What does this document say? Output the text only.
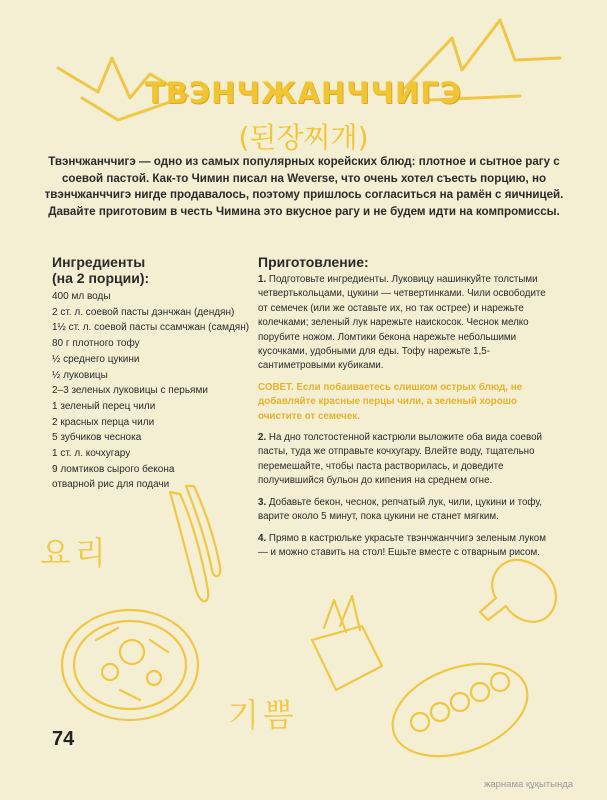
ТВЭНЧЖАНЧЧИГЭ
(된장찌개)

Твэнчжанччигэ — одно из самых популярных корейских блюд: плотное и сытное рагу с соевой пастой. Как-то Чимин писал на Weverse, что очень хотел съесть порцию, но твэнчжанччигэ нигде продавалось, поэтому пришлось согласиться на рамён с яичницей.

Давайте приготовим в честь Чимина это вкусное рагу и не будем идти на компромиссы.

Ингредиенты
(на 2 порции):
400 мл воды
2 ст. л. соевой пасты дэнчжан (дендян)
1½ ст. л. соевой пасты ссамчжан (самдян)
80 г плотного тофу
½ среднего цукини
½ луковицы
2–3 зеленых луковицы с перьями
1 зеленый перец чили
2 красных перца чили
5 зубчиков чеснока
1 ст. л. кочхугару
9 ломтиков сырого бекона
отварной рис для подачи
Приготовление:

1. Подготовьте ингредиенты. Луковицу нашинкуйте толстыми четвертькольцами, цукини — четвертинками. Чили освободите от семечек (или же оставьте их, но так острее) и нарежьте колечками; зеленый лук нарежьте наискосок. Чеснок мелко порубите ножом. Ломтики бекона нарежьте небольшими кусочками, удобными для еды. Тофу нарежьте 1,5-сантиметровыми кубиками.

СОВЕТ. Если побаиваетесь слишком острых блюд, не добавляйте красные перцы чили, а зеленый хорошо очистите от семечек.

2. На дно толстостенной кастрюли выложите оба вида соевой пасты, туда же отправьте кочхугару. Влейте воду, тщательно перемешайте, чтобы паста растворилась, и доведите получившийся бульон до кипения на среднем огне.

3. Добавьте бекон, чеснок, репчатый лук, чили, цукини и тофу, варите около 5 минут, пока цукини не станет мягким.

4. Прямо в кастрюльке украсьте твэнчжанччигэ зеленым луком — и можно ставить на стол! Ешьте вместе с отварным рисом.

요리
기쁨
74
жарнама құқытында
